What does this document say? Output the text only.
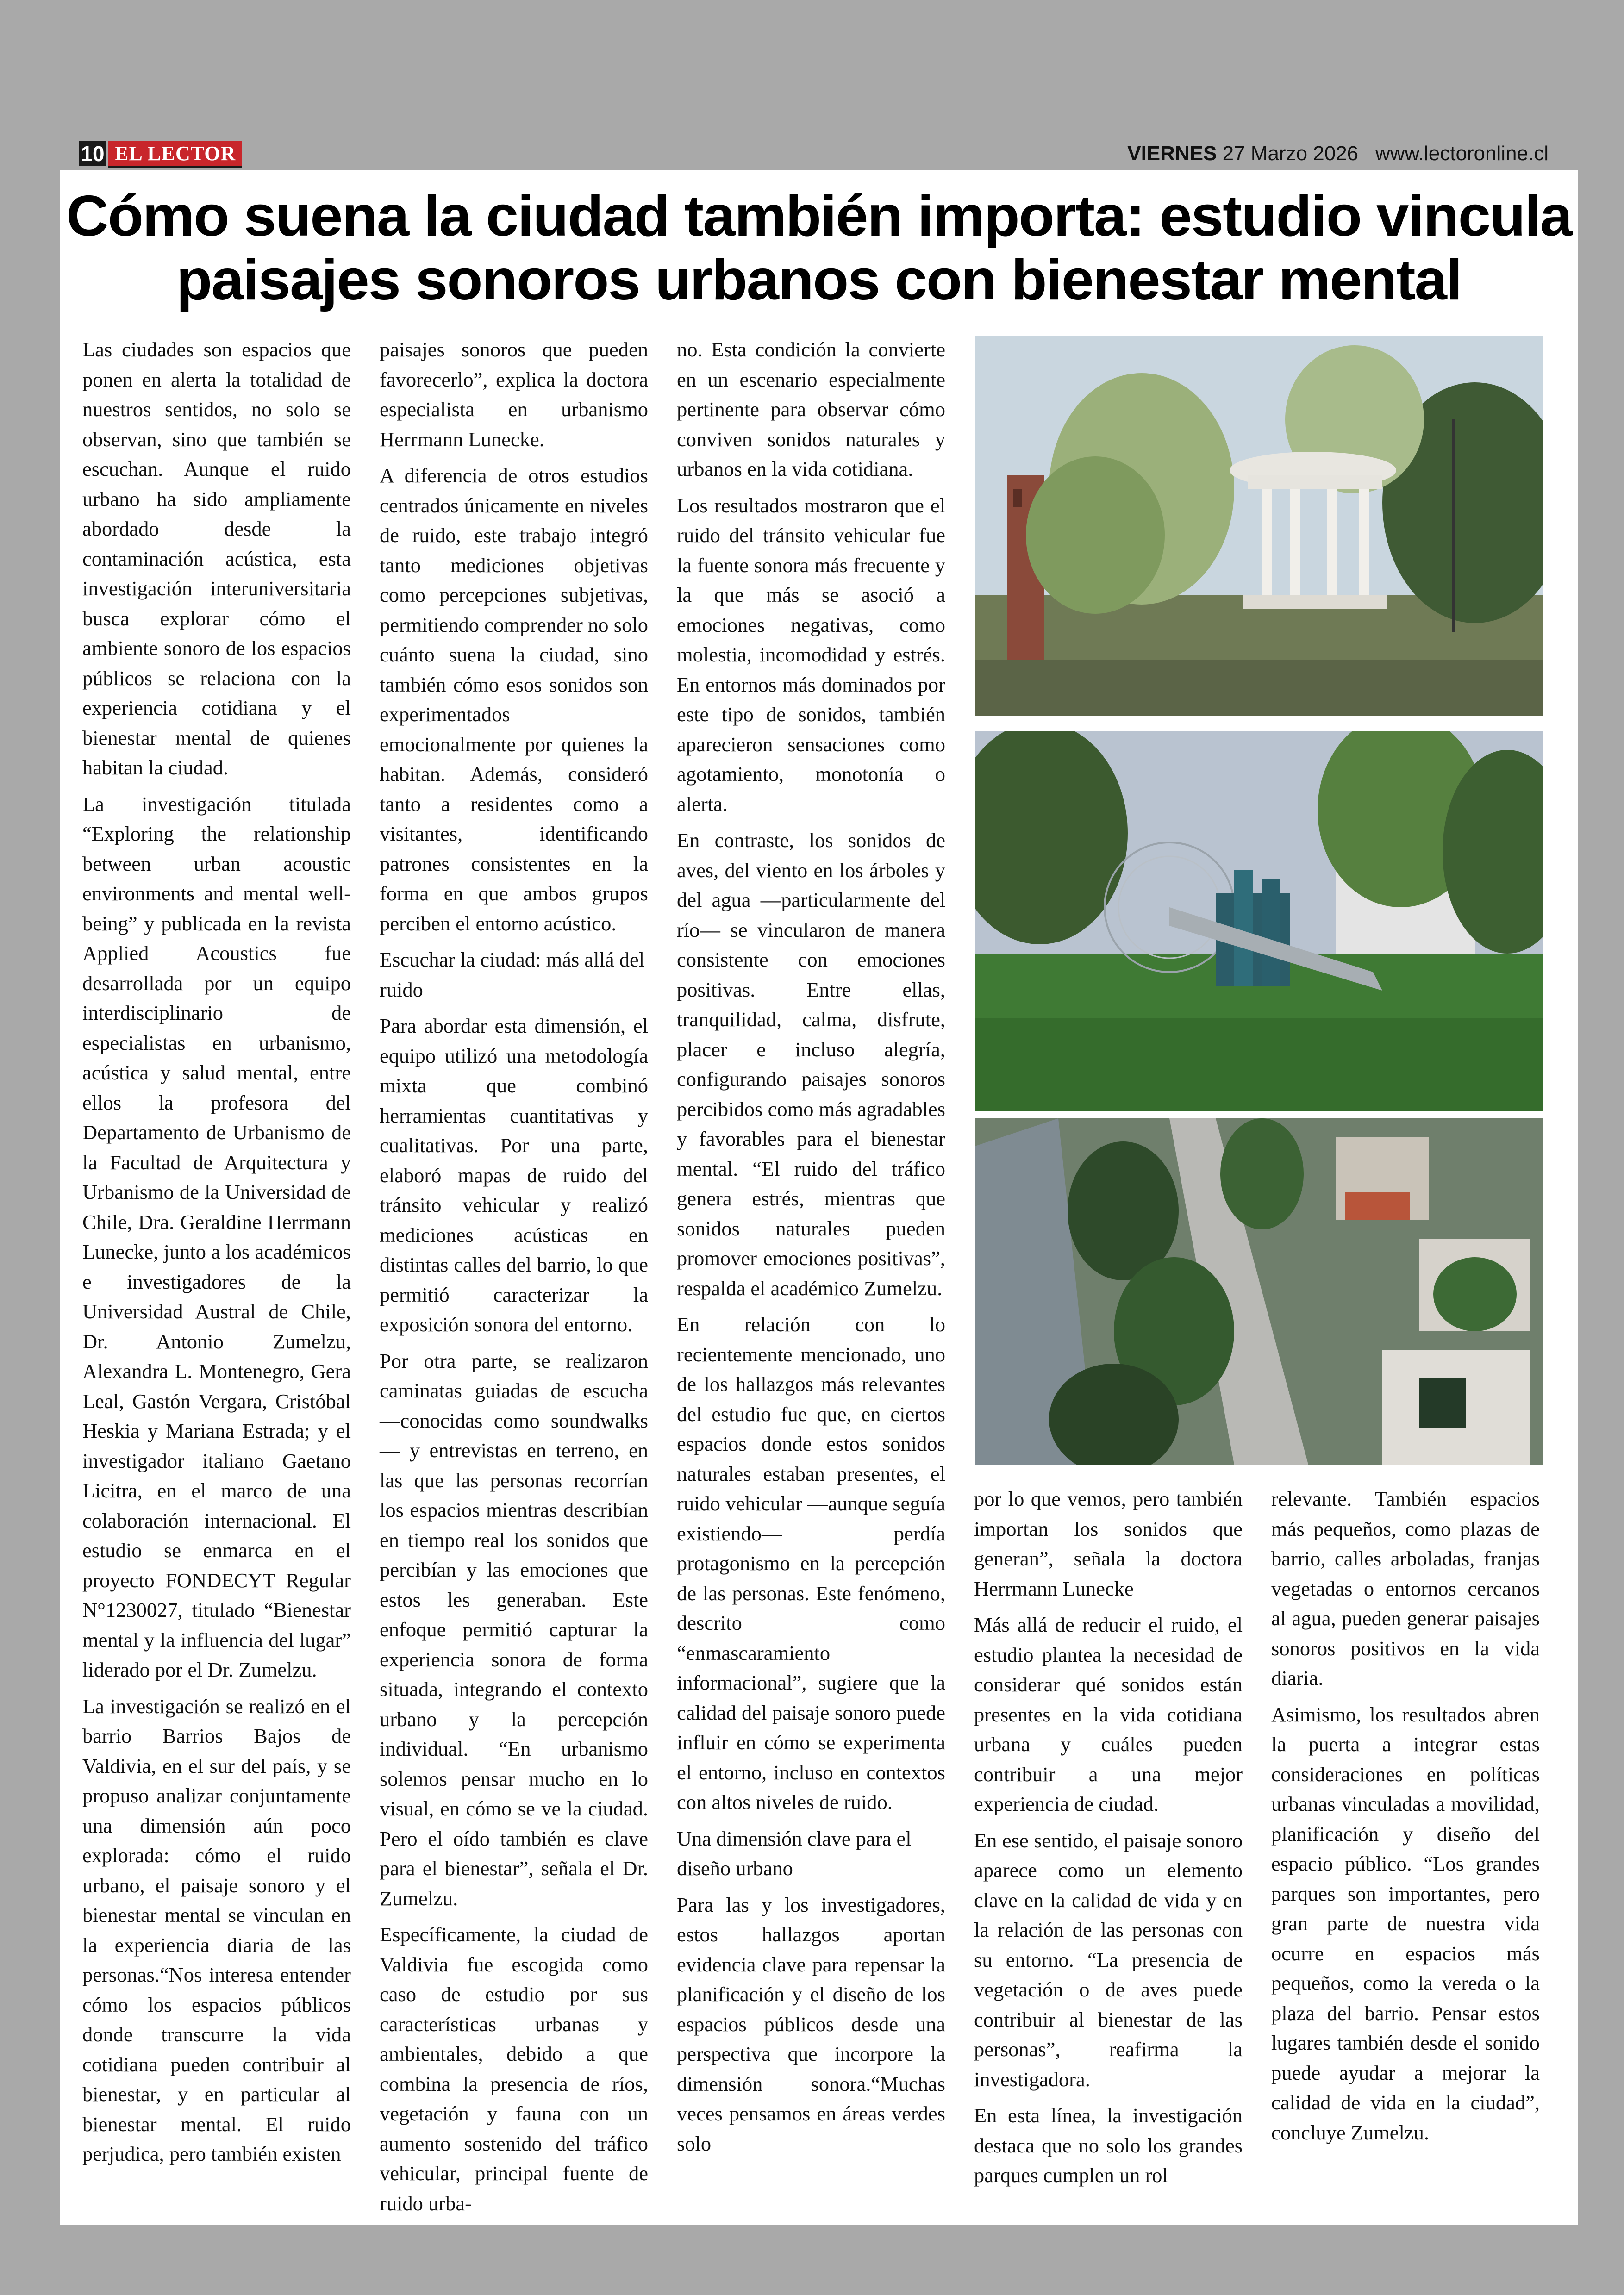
10 EL LECTOR	VIERNES 27 Marzo 2026 www.lectoronline.cl
Cómo suena la ciudad también importa: estudio vincula
paisajes sonoros urbanos con bienestar mental

Las ciudades son espacios que ponen en alerta la totalidad de nuestros sentidos, no solo se observan, sino que también se escuchan. Aunque el ruido urbano ha sido ampliamente abordado desde la contaminación acústica, esta investigación interuniversitaria busca explorar cómo el ambiente sonoro de los espacios públicos se relaciona con la experiencia cotidiana y el bienestar mental de quienes habitan la ciudad.

La investigación titulada “Exploring the relationship between urban acoustic environments and mental well-being” y publicada en la revista Applied Acoustics fue desarrollada por un equipo interdisciplinario de especialistas en urbanismo, acústica y salud mental, entre ellos la profesora del Departamento de Urbanismo de la Facultad de Arquitectura y Urbanismo de la Universidad de Chile, Dra. Geraldine Herrmann Lunecke, junto a los académicos e investigadores de la Universidad Austral de Chile, Dr. Antonio Zumelzu, Alexandra L. Montenegro, Gera Leal, Gastón Vergara, Cristóbal Heskia y Mariana Estrada; y el investigador italiano Gaetano Licitra, en el marco de una colaboración internacional. El estudio se enmarca en el proyecto FONDECYT Regular N°1230027, titulado “Bienestar mental y la influencia del lugar” liderado por el Dr. Zumelzu.

La investigación se realizó en el barrio Barrios Bajos de Valdivia, en el sur del país, y se propuso analizar conjuntamente una dimensión aún poco explorada: cómo el ruido urbano, el paisaje sonoro y el bienestar mental se vinculan en la experiencia diaria de las personas.“Nos interesa entender cómo los espacios públicos donde transcurre la vida cotidiana pueden contribuir al bienestar, y en particular al bienestar mental. El ruido perjudica, pero también existen

paisajes sonoros que pueden favorecerlo”, explica la doctora especialista en urbanismo Herrmann Lunecke.

A diferencia de otros estudios centrados únicamente en niveles de ruido, este trabajo integró tanto mediciones objetivas como percepciones subjetivas, permitiendo comprender no solo cuánto suena la ciudad, sino también cómo esos sonidos son experimentados emocionalmente por quienes la habitan. Además, consideró tanto a residentes como a visitantes, identificando patrones consistentes en la forma en que ambos grupos perciben el entorno acústico.

Escuchar la ciudad: más allá del ruido

Para abordar esta dimensión, el equipo utilizó una metodología mixta que combinó herramientas cuantitativas y cualitativas. Por una parte, elaboró mapas de ruido del tránsito vehicular y realizó mediciones acústicas en distintas calles del barrio, lo que permitió caracterizar la exposición sonora del entorno.

Por otra parte, se realizaron caminatas guiadas de escucha —conocidas como soundwalks— y entrevistas en terreno, en las que las personas recorrían los espacios mientras describían en tiempo real los sonidos que percibían y las emociones que estos les generaban. Este enfoque permitió capturar la experiencia sonora de forma situada, integrando el contexto urbano y la percepción individual. “En urbanismo solemos pensar mucho en lo visual, en cómo se ve la ciudad. Pero el oído también es clave para el bienestar”, señala el Dr. Zumelzu.

Específicamente, la ciudad de Valdivia fue escogida como caso de estudio por sus características urbanas y ambientales, debido a que combina la presencia de ríos, vegetación y fauna con un aumento sostenido del tráfico vehicular, principal fuente de ruido urba-

no. Esta condición la convierte en un escenario especialmente pertinente para observar cómo conviven sonidos naturales y urbanos en la vida cotidiana.

Los resultados mostraron que el ruido del tránsito vehicular fue la fuente sonora más frecuente y la que más se asoció a emociones negativas, como molestia, incomodidad y estrés. En entornos más dominados por este tipo de sonidos, también aparecieron sensaciones como agotamiento, monotonía o alerta.

En contraste, los sonidos de aves, del viento en los árboles y del agua —particularmente del río— se vincularon de manera consistente con emociones positivas. Entre ellas, tranquilidad, calma, disfrute, placer e incluso alegría, configurando paisajes sonoros percibidos como más agradables y favorables para el bienestar mental. “El ruido del tráfico genera estrés, mientras que sonidos naturales pueden promover emociones positivas”, respalda el académico Zumelzu.

En relación con lo recientemente mencionado, uno de los hallazgos más relevantes del estudio fue que, en ciertos espacios donde estos sonidos naturales estaban presentes, el ruido vehicular —aunque seguía existiendo— perdía protagonismo en la percepción de las personas. Este fenómeno, descrito como “enmascaramiento informacional”, sugiere que la calidad del paisaje sonoro puede influir en cómo se experimenta el entorno, incluso en contextos con altos niveles de ruido.

Una dimensión clave para el diseño urbano

Para las y los investigadores, estos hallazgos aportan evidencia clave para repensar la planificación y el diseño de los espacios públicos desde una perspectiva que incorpore la dimensión sonora.“Muchas veces pensamos en áreas verdes solo

por lo que vemos, pero también importan los sonidos que generan”, señala la doctora Herrmann Lunecke

Más allá de reducir el ruido, el estudio plantea la necesidad de considerar qué sonidos están presentes en la vida cotidiana urbana y cuáles pueden contribuir a una mejor experiencia de ciudad.

En ese sentido, el paisaje sonoro aparece como un elemento clave en la calidad de vida y en la relación de las personas con su entorno. “La presencia de vegetación o de aves puede contribuir al bienestar de las personas”, reafirma la investigadora.

En esta línea, la investigación destaca que no solo los grandes parques cumplen un rol

relevante. También espacios más pequeños, como plazas de barrio, calles arboladas, franjas vegetadas o entornos cercanos al agua, pueden generar paisajes sonoros positivos en la vida diaria.

Asimismo, los resultados abren la puerta a integrar estas consideraciones en políticas urbanas vinculadas a movilidad, planificación y diseño del espacio público. “Los grandes parques son importantes, pero gran parte de nuestra vida ocurre en espacios más pequeños, como la vereda o la plaza del barrio. Pensar estos lugares también desde el sonido puede ayudar a mejorar la calidad de vida en la ciudad”, concluye Zumelzu.
